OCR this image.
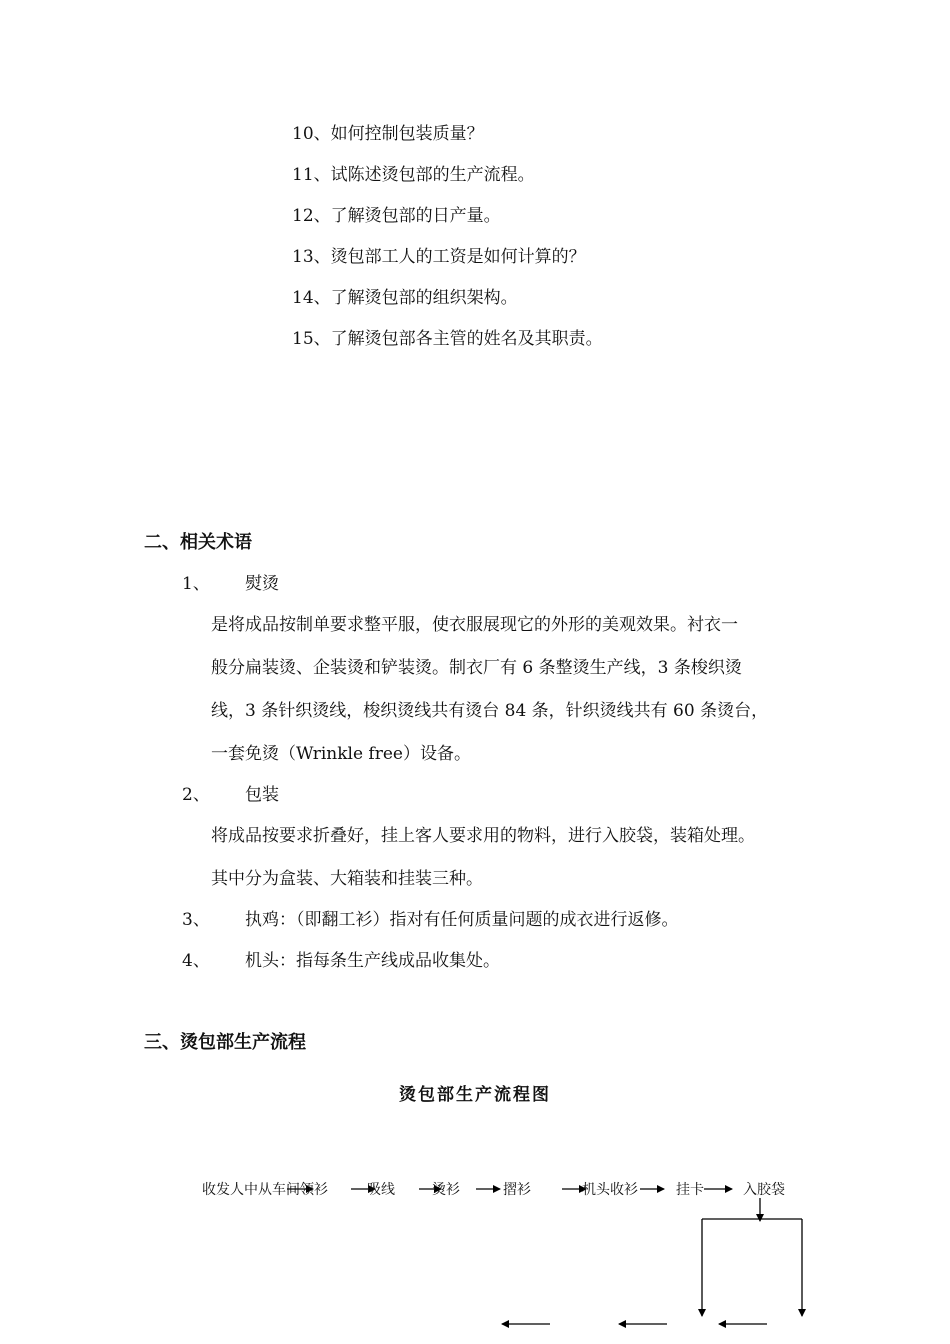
10、如何控制包装质量？
11、试陈述烫包部的生产流程。
12、了解烫包部的日产量。
13、烫包部工人的工资是如何计算的？
14、了解烫包部的组织架构。
15、了解烫包部各主管的姓名及其职责。
二、相关术语
1、 熨烫
是将成品按制单要求整平服，使衣服展现它的外形的美观效果。衬衣一
般分扁装烫、企装烫和铲装烫。制衣厂有 6 条整烫生产线，3 条梭织烫
线，3 条针织烫线，梭织烫线共有烫台 84 条，针织烫线共有 60 条烫台，
一套免烫（Wrinkle free）设备。
2、 包装
将成品按要求折叠好，挂上客人要求用的物料，进行入胶袋，装箱处理。
其中分为盒装、大箱装和挂装三种。
3、 执鸡：（即翻工衫）指对有任何质量问题的成衣进行返修。
4、 机头：指每条生产线成品收集处。
三、烫包部生产流程
烫包部生产流程图
收发人中从车间领衫	吸线	烫衫	摺衫	机头收衫	挂卡	入胶袋
